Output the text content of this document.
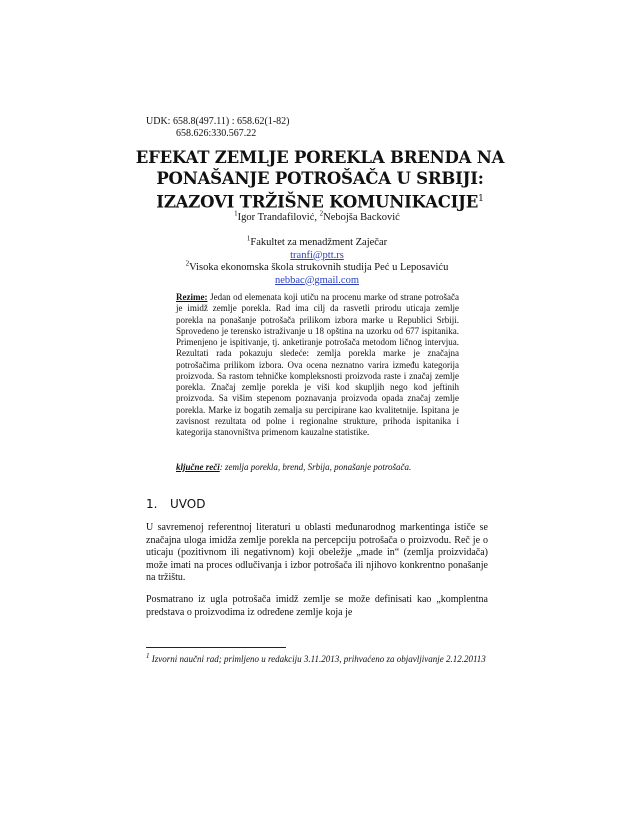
UDK: 658.8(497.11) : 658.62(1-82)
658.626:330.567.22
EFEKAT ZEMLJE POREKLA BRENDA NA
PONAŠANJE POTROŠAČA U SRBIJI:
IZAZOVI TRŽIŠNE KOMUNIKACIJE$^1$
$^1$Igor Trandafilović, $^2$Nebojša Backović
$^1$Fakultet za menadžment Zaječar
tranfi@ptt.rs
$^2$Visoka ekonomska škola strukovnih studija Peć u Leposaviću
nebbac@gmail.com
Rezime: Jedan od elemenata koji utiču na procenu marke od strane potrošača je imidž zemlje porekla. Rad ima cilj da rasvetli prirodu uticaja zemlje porekla na ponašanje potrošača prilikom izbora marke u Republici Srbiji. Sprovedeno je terensko istraživanje u 18 opština na uzorku od 677 ispitanika. Primenjeno je ispitivanje, tj. anketiranje potrošača metodom ličnog intervjua. Rezultati rada pokazuju sledeće: zemlja porekla marke je značajna potrošačima prilikom izbora. Ova ocena neznatno varira između kategorija proizvoda. Sa rastom tehničke kompleksnosti proizvoda raste i značaj zemlje porekla. Značaj zemlje porekla je viši kod skupljih nego kod jeftinih proizvoda. Sa višim stepenom poznavanja proizvoda opada značaj zemlje porekla. Marke iz bogatih zemalja su percipirane kao kvalitetnije. Ispitana je zavisnost rezultata od polne i regionalne strukture, prihoda ispitanika i kategorija stanovništva primenom kauzalne statistike.
ključne reči: zemlja porekla, brend, Srbija, ponašanje potrošača.
1. UVOD
U savremenoj referentnoj literaturi u oblasti međunarodnog markentinga ističe se značajna uloga imidža zemlje porekla na percepciju potrošača o proizvodu. Reč je o uticaju (pozitivnom ili negativnom) koji obeležje „made in“ (zemlja proizvidača) može imati na proces odlučivanja i izbor potrošača ili njihovo konkrentno ponašanje na tržištu.
Posmatrano iz ugla potrošača imidž zemlje se može definisati kao „komplentna predstava o proizvodima iz određene zemlje koja je
$^1$ Izvorni naučni rad; primljeno u redakciju 3.11.2013, prihvaćeno za objavljivanje 2.12.20113
